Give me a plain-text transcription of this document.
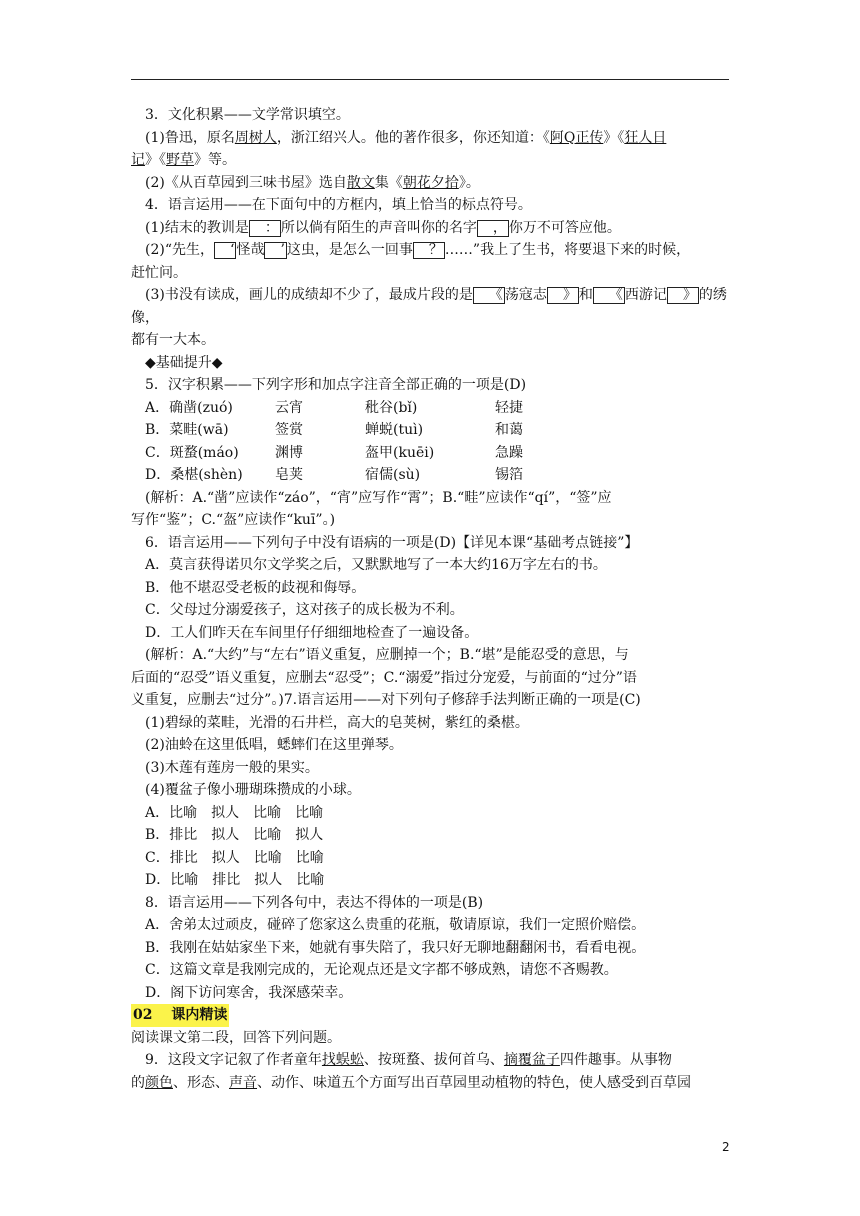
3．文化积累——文学常识填空。

(1)鲁迅，原名周树人，浙江绍兴人。他的著作很多，你还知道：《阿Q正传》《狂人日

记》《野草》等。

(2)《从百草园到三味书屋》选自散文集《朝花夕拾》。

4．语言运用——在下面句中的方框内，填上恰当的标点符号。

(1)结末的教训是 ： 所以倘有陌生的声音叫你的名字 ， 你万不可答应他。

(2)“先生， ‘ 怪哉 ’ 这虫，是怎么一回事 ？ ……”我上了生书，将要退下来的时候，

赶忙问。

(3)书没有读成，画儿的成绩却不少了，最成片段的是 《 荡寇志 》 和 《 西游记 》 的绣像，

都有一大本。

◆基础提升◆

5．汉字积累——下列字形和加点字注音全部正确的一项是(D)

A．确凿(zuó)	云宵	秕谷(bǐ)	轻捷

B．菜畦(wā)	签赏	蝉蜕(tuì)	和蔼

C．斑蝥(máo)	渊博	盔甲(kuēi)	急躁

D．桑椹(shèn) 皂荚	宿儒(sù)	锡箔

(解析：A.“凿”应读作“záo”，“宵”应写作“霄”；B.“畦”应读作“qí”，“签”应

写作“鉴”；C.“盔”应读作“kuī”。)

6．语言运用——下列句子中没有语病的一项是(D)【详见本课“基础考点链接”】

A．莫言获得诺贝尔文学奖之后，又默默地写了一本大约16万字左右的书。

B．他不堪忍受老板的歧视和侮辱。

C．父母过分溺爱孩子，这对孩子的成长极为不利。

D．工人们昨天在车间里仔仔细细地检查了一遍设备。

(解析：A.“大约”与“左右”语义重复，应删掉一个；B.“堪”是能忍受的意思，与

后面的“忍受”语义重复，应删去“忍受”；C.“溺爱”指过分宠爱，与前面的“过分”语

义重复，应删去“过分”。)7.语言运用——对下列句子修辞手法判断正确的一项是(C)

(1)碧绿的菜畦，光滑的石井栏，高大的皂荚树，紫红的桑椹。

(2)油蛉在这里低唱，蟋蟀们在这里弹琴。

(3)木莲有莲房一般的果实。

(4)覆盆子像小珊瑚珠攒成的小球。

A．比喻　拟人　比喻　比喻

B．排比　拟人　比喻　拟人

C．排比　拟人　比喻　比喻

D．比喻　排比　拟人　比喻

8．语言运用——下列各句中，表达不得体的一项是(B)

A．舍弟太过顽皮，碰碎了您家这么贵重的花瓶，敬请原谅，我们一定照价赔偿。

B．我刚在姑姑家坐下来，她就有事失陪了，我只好无聊地翻翻闲书，看看电视。

C．这篇文章是我刚完成的，无论观点还是文字都不够成熟，请您不吝赐教。

D．阁下访问寒舍，我深感荣幸。

02　 课内精读

阅读课文第二段，回答下列问题。

9．这段文字记叙了作者童年找蜈蚣、按斑蝥、拔何首乌、摘覆盆子四件趣事。从事物

的颜色、形态、声音、动作、味道五个方面写出百草园里动植物的特色，使人感受到百草园

2
